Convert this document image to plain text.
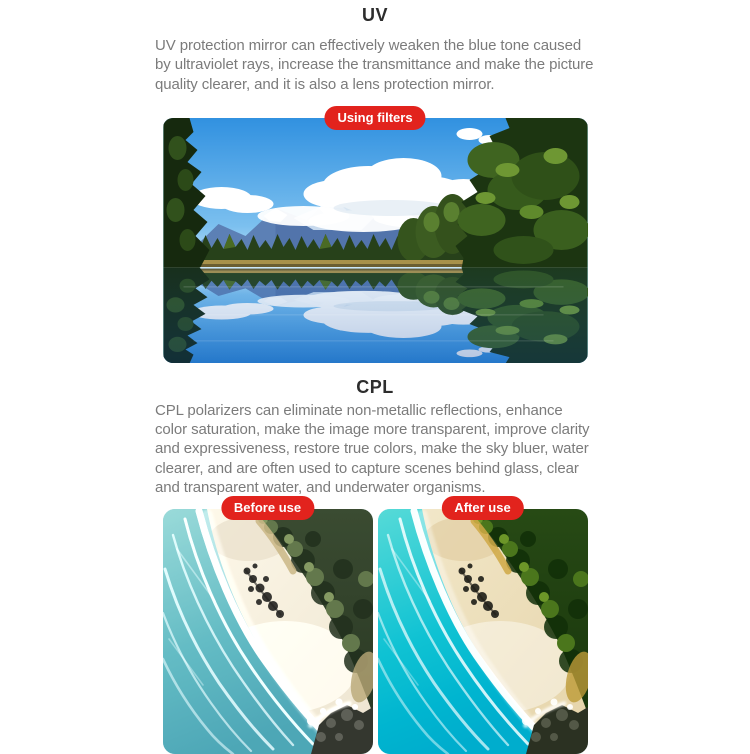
UV

UV protection mirror can effectively weaken the blue tone caused by ultraviolet rays, increase the transmittance and make the picture quality clearer, and it is also a lens protection mirror.

Using filters
CPL

CPL polarizers can eliminate non-metallic reflections, enhance color saturation, make the image more transparent, improve clarity and expressiveness, restore true colors, make the sky bluer, water clearer, and are often used to capture scenes behind glass, clear and transparent water, and underwater organisms.

Before use	After use
